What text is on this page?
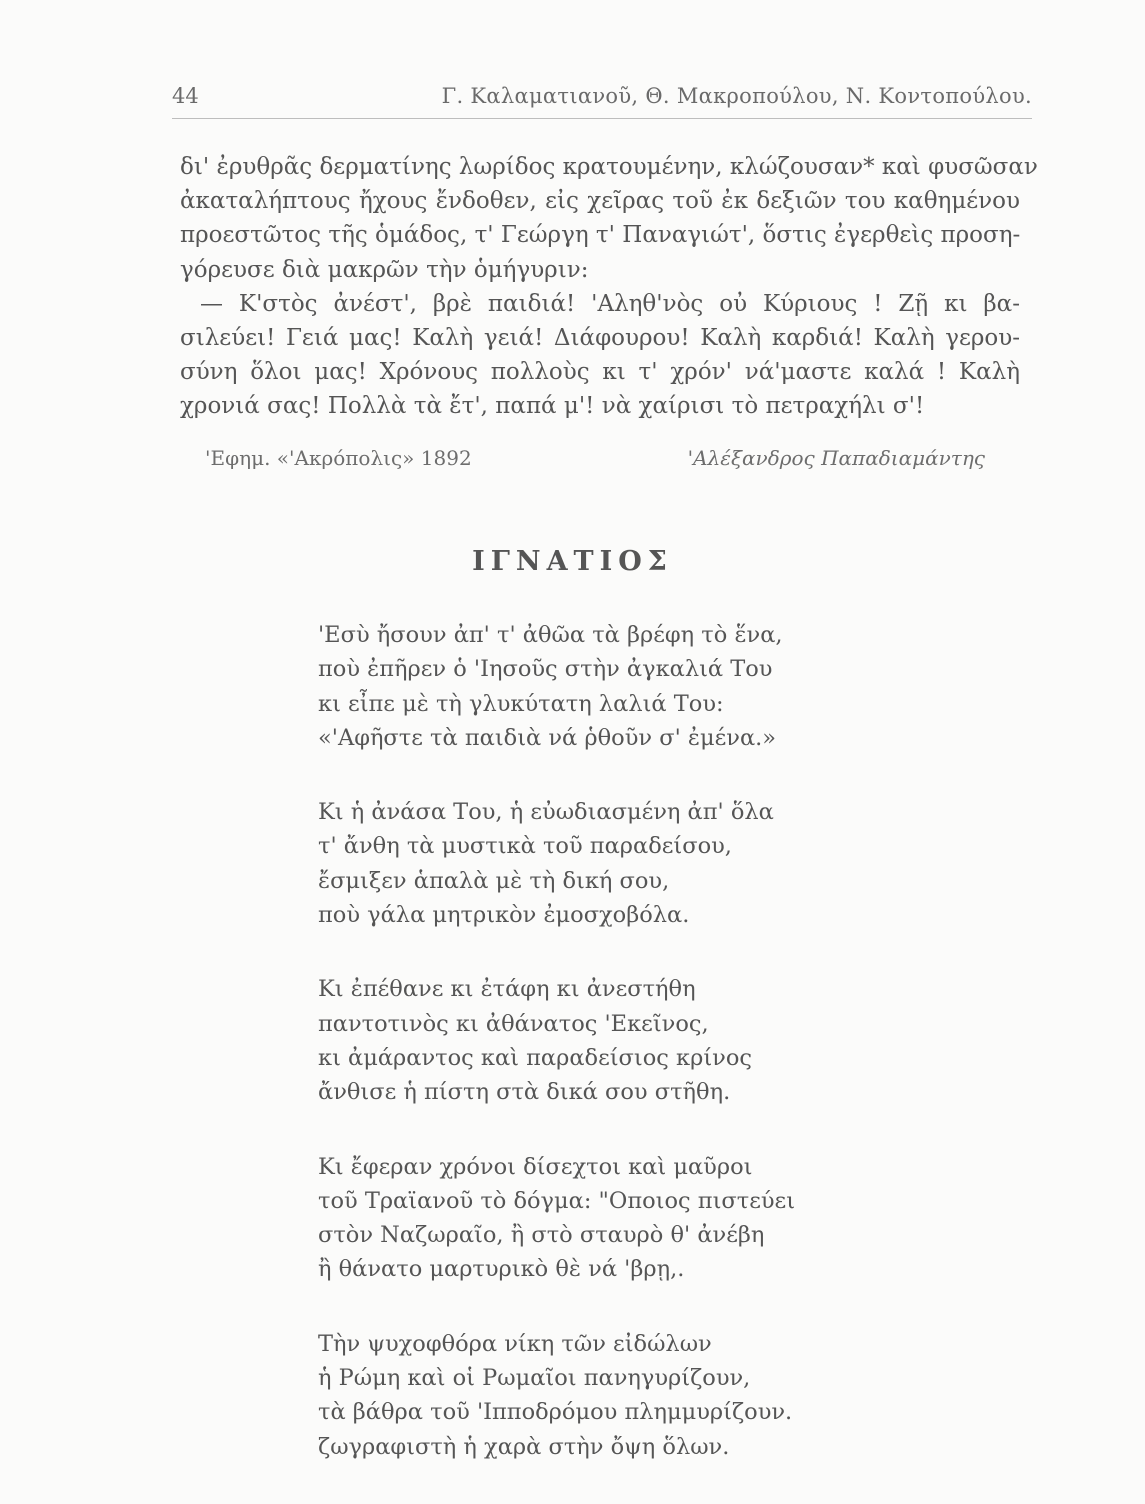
44	Γ. Καλαματιανοῦ, Θ. Μακροπούλου, Ν. Κοντοπούλου.
δι' ἐρυθρᾶς δερματίνης λωρίδος κρατουμένην, κλώζουσαν* καὶ φυσῶσαν
ἀκαταλήπτους ἤχους ἔνδοθεν, εἰς χεῖρας τοῦ ἐκ δεξιῶν του καθημένου
προεστῶτος τῆς ὁμάδος, τ' Γεώργη τ' Παναγιώτ', ὅστις ἐγερθεὶς προση-
γόρευσε διὰ μακρῶν τὴν ὁμήγυριν:
— Κ'στὸς ἀνέστ', βρὲ παιδιά! 'Αληθ'νὸς οὐ Κύριους ! Ζῇ κι βα-
σιλεύει! Γειά μας! Καλὴ γειά! Διάφουρου! Καλὴ καρδιά! Καλὴ γερου-
σύνη ὅλοι μας! Χρόνους πολλοὺς κι τ' χρόν' νά'μαστε καλά ! Καλὴ
χρονιά σας! Πολλὰ τὰ ἔτ', παπά μ'! νὰ χαίρισι τὸ πετραχήλι σ'!
'Εφημ. «'Ακρόπολις» 1892	'Αλέξανδρος Παπαδιαμάντης
ΙΓΝΑΤΙΟΣ
'Εσὺ ἤσουν ἀπ' τ' ἀθῶα τὰ βρέφη τὸ ἕνα,
ποὺ ἐπῆρεν ὁ 'Ιησοῦς στὴν ἀγκαλιά Του
κι εἶπε μὲ τὴ γλυκύτατη λαλιά Του:
«'Αφῆστε τὰ παιδιὰ νά ῥθοῦν σ' ἐμένα.»
Κι ἡ ἀνάσα Του, ἡ εὐωδιασμένη ἀπ' ὅλα
τ' ἄνθη τὰ μυστικὰ τοῦ παραδείσου,
ἔσμιξεν ἁπαλὰ μὲ τὴ δική σου,
ποὺ γάλα μητρικὸν ἐμοσχοβόλα.
Κι ἐπέθανε κι ἐτάφη κι ἀνεστήθη
παντοτινὸς κι ἀθάνατος 'Εκεῖνος,
κι ἀμάραντος καὶ παραδείσιος κρίνος
ἄνθισε ἡ πίστη στὰ δικά σου στῆθη.
Κι ἔφεραν χρόνοι δίσεχτοι καὶ μαῦροι
τοῦ Τραϊανοῦ τὸ δόγμα: "Οποιος πιστεύει
στὸν Ναζωραῖο, ἢ στὸ σταυρὸ θ' ἀνέβη
ἢ θάνατο μαρτυρικὸ θὲ νά 'βρῃ,.
Τὴν ψυχοφθόρα νίκη τῶν εἰδώλων
ἡ Ρώμη καὶ οἱ Ρωμαῖοι πανηγυρίζουν,
τὰ βάθρα τοῦ 'Ιπποδρόμου πλημμυρίζουν.
ζωγραφιστὴ ἡ χαρὰ στὴν ὄψη ὅλων.
